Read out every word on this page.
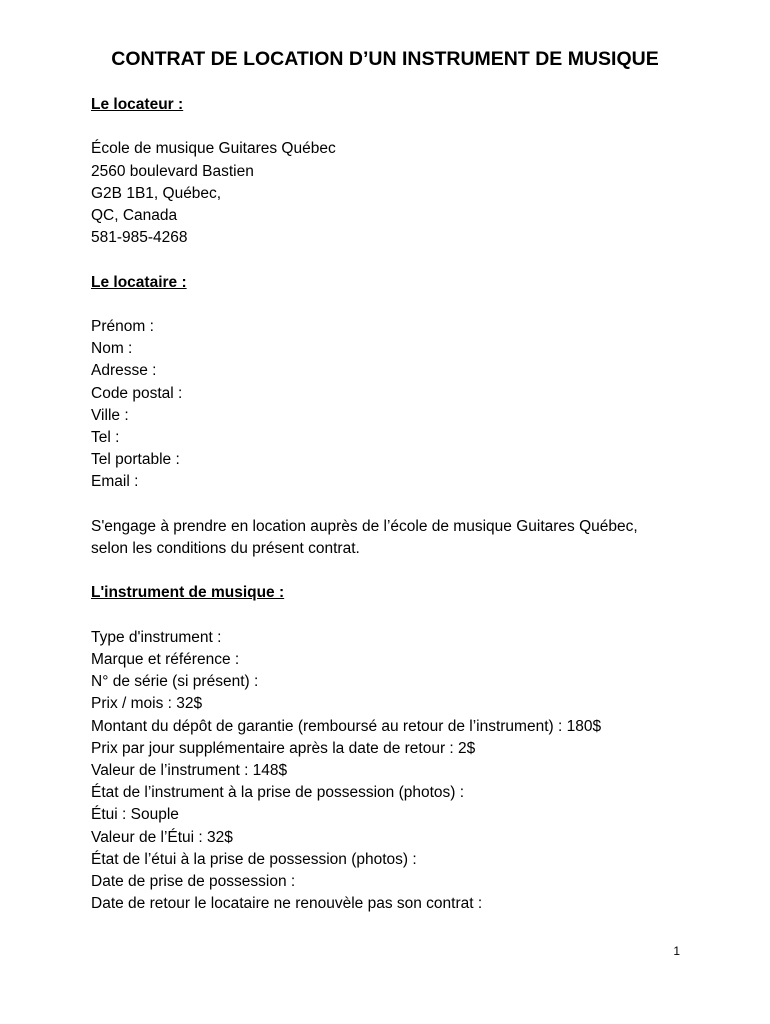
CONTRAT DE LOCATION D’UN INSTRUMENT DE MUSIQUE
Le locateur :
École de musique Guitares Québec
2560 boulevard Bastien
G2B 1B1, Québec,
QC, Canada
581-985-4268
Le locataire :
Prénom :
Nom :
Adresse :
Code postal :
Ville :
Tel :
Tel portable :
Email :
S'engage à prendre en location auprès de l’école de musique Guitares Québec,
selon les conditions du présent contrat.
L'instrument de musique :
Type d'instrument :
Marque et référence :
N° de série (si présent) :
Prix / mois : 32$
Montant du dépôt de garantie (remboursé au retour de l’instrument) : 180$
Prix par jour supplémentaire après la date de retour : 2$
Valeur de l’instrument : 148$
État de l’instrument à la prise de possession (photos) :
Étui : Souple
Valeur de l’Étui : 32$
État de l’étui à la prise de possession (photos) :
Date de prise de possession :
Date de retour le locataire ne renouvèle pas son contrat :
1
